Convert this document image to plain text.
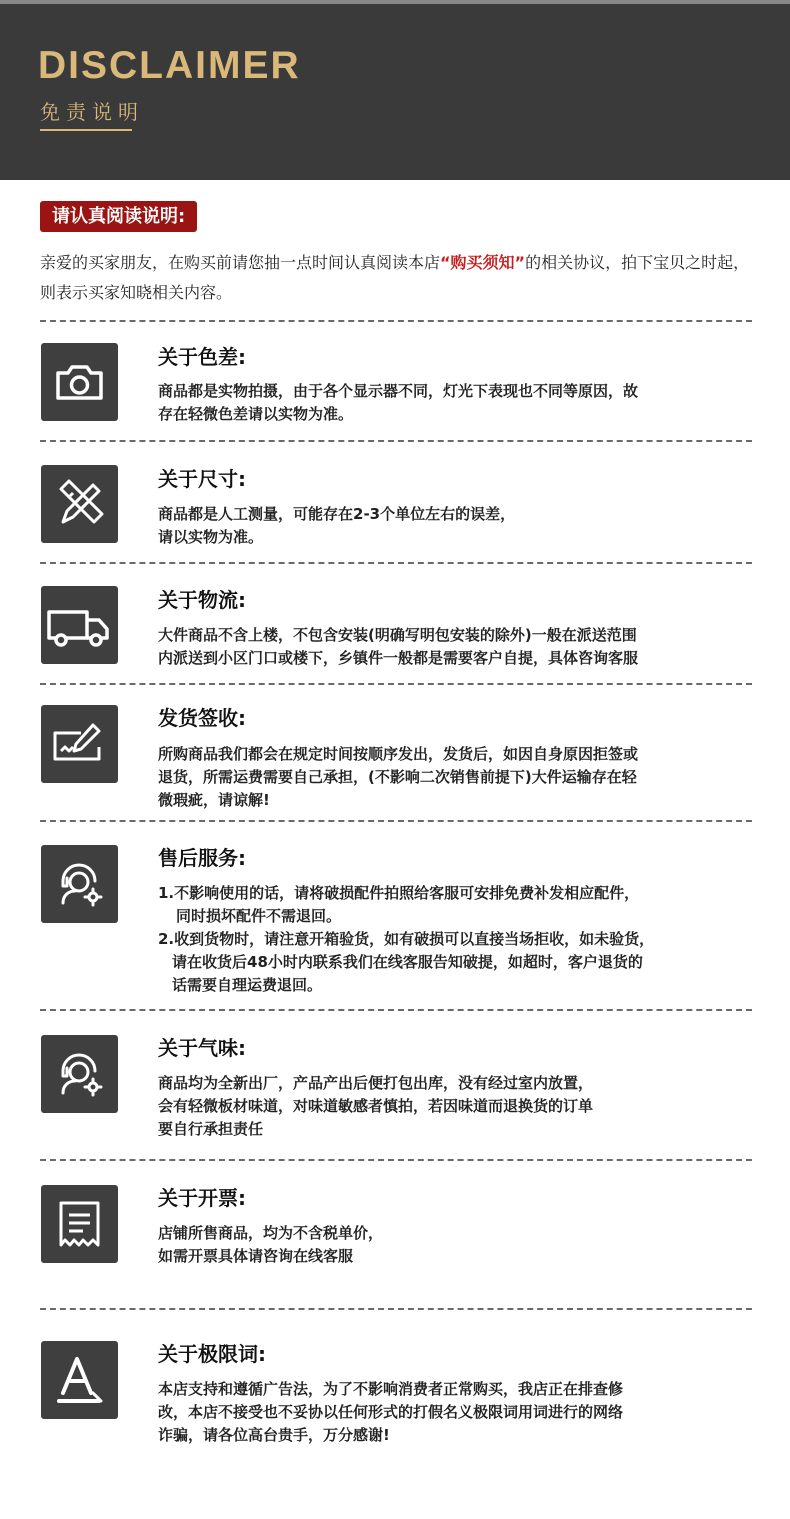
DISCLAIMER
免责说明
请认真阅读说明:
亲爱的买家朋友，在购买前请您抽一点时间认真阅读本店“购买须知”的相关协议，拍下宝贝之时起，则表示买家知晓相关内容。
关于色差:
商品都是实物拍摄，由于各个显示器不同，灯光下表现也不同等原因，故
存在轻微色差请以实物为准。
关于尺寸:
商品都是人工测量，可能存在2-3个单位左右的误差，
请以实物为准。
关于物流:
大件商品不含上楼，不包含安装(明确写明包安装的除外)一般在派送范围
内派送到小区门口或楼下，乡镇件一般都是需要客户自提，具体咨询客服
发货签收:
所购商品我们都会在规定时间按顺序发出，发货后，如因自身原因拒签或
退货，所需运费需要自己承担，(不影响二次销售前提下)大件运输存在轻
微瑕疵，请谅解!
售后服务:
1.不影响使用的话，请将破损配件拍照给客服可安排免费补发相应配件，
同时损坏配件不需退回。
2.收到货物时，请注意开箱验货，如有破损可以直接当场拒收，如未验货，
请在收货后48小时内联系我们在线客服告知破提，如超时，客户退货的
话需要自理运费退回。
关于气味:
商品均为全新出厂，产品产出后便打包出库，没有经过室内放置，
会有轻微板材味道，对味道敏感者慎拍，若因味道而退换货的订单
要自行承担责任
关于开票:
店铺所售商品，均为不含税单价，
如需开票具体请咨询在线客服
关于极限词:
本店支持和遵循广告法，为了不影响消费者正常购买，我店正在排查修
改，本店不接受也不妥协以任何形式的打假名义极限词用词进行的网络
诈骗，请各位高台贵手，万分感谢!
